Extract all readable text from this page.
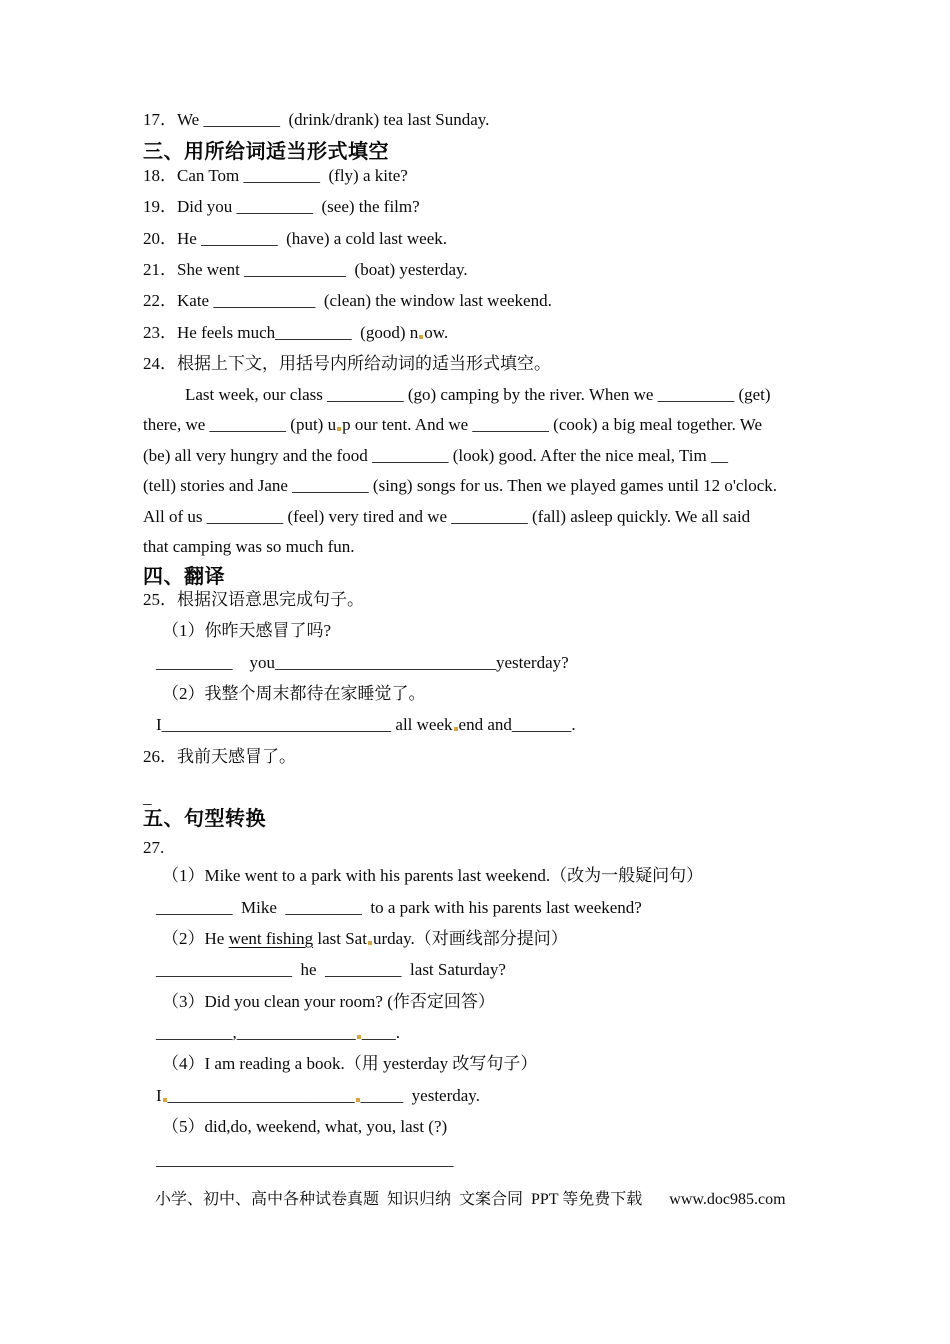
17．We _________  (drink/drank) tea last Sunday.
三、用所给词适当形式填空
18．Can Tom _________  (fly) a kite?
19．Did you _________  (see) the film?
20．He _________  (have) a cold last week.
21．She went ____________  (boat) yesterday.
22．Kate ____________  (clean) the window last weekend.
23．He feels much_________  (good) n ow.
24．根据上下文，用括号内所给动词的适当形式填空。
Last week, our class _________ (go) camping by the river. When we _________ (get)
there, we _________ (put) u p our tent. And we _________ (cook) a big meal together. We
(be) all very hungry and the food _________ (look) good. After the nice meal, Tim __
(tell) stories and Jane _________ (sing) songs for us. Then we played games until 12 o'clock.
All of us _________ (feel) very tired and we _________ (fall) asleep quickly. We all said
that camping was so much fun.
四、翻译
25．根据汉语意思完成句子。
（1）你昨天感冒了吗?
_________    you__________________________yesterday?
（2）我整个周末都待在家睡觉了。
I___________________________ all week end and_______.
26．我前天感冒了。
_
五、句型转换
27.
（1）Mike went to a park with his parents last weekend.（改为一般疑问句）
_________  Mike  _________  to a park with his parents last weekend?
（2）He went fishing last Sat urday.（对画线部分提问）
________________  he  _________  last Saturday?
（3）Did you clean your room? (作否定回答）
_________,______________ ____.
（4）I am reading a book.（用 yesterday 改写句子）
I ______________________ _____  yesterday.
（5）did,do, weekend, what, you, last (?)
___________________________________
小学、初中、高中各种试卷真题  知识归纳  文案合同  PPT 等免费下载 www.doc985.com
